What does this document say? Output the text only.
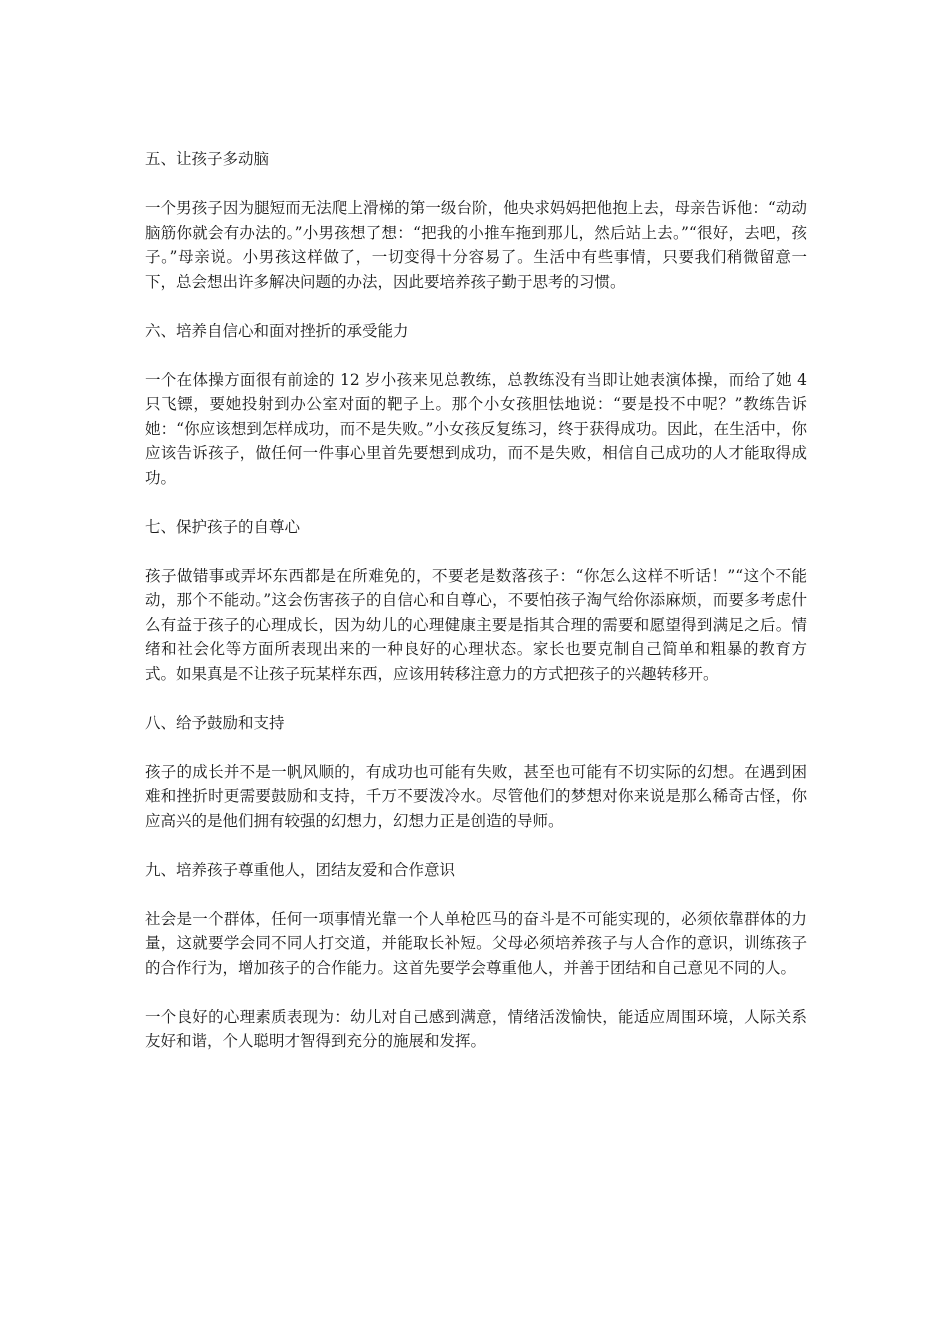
五、让孩子多动脑

一个男孩子因为腿短而无法爬上滑梯的第一级台阶，他央求妈妈把他抱上去，母亲告诉他：“动动脑筋你就会有办法的。”小男孩想了想：“把我的小推车拖到那儿，然后站上去。”“很好，去吧，孩子。”母亲说。小男孩这样做了，一切变得十分容易了。生活中有些事情，只要我们稍微留意一下，总会想出许多解决问题的办法，因此要培养孩子勤于思考的习惯。

六、培养自信心和面对挫折的承受能力

一个在体操方面很有前途的 12 岁小孩来见总教练，总教练没有当即让她表演体操，而给了她 4 只飞镖，要她投射到办公室对面的靶子上。那个小女孩胆怯地说：“要是投不中呢？”教练告诉她：“你应该想到怎样成功，而不是失败。”小女孩反复练习，终于获得成功。因此，在生活中，你应该告诉孩子，做任何一件事心里首先要想到成功，而不是失败，相信自己成功的人才能取得成功。

七、保护孩子的自尊心

孩子做错事或弄坏东西都是在所难免的，不要老是数落孩子：“你怎么这样不听话！”“这个不能动，那个不能动。”这会伤害孩子的自信心和自尊心，不要怕孩子淘气给你添麻烦，而要多考虑什么有益于孩子的心理成长，因为幼儿的心理健康主要是指其合理的需要和愿望得到满足之后。情绪和社会化等方面所表现出来的一种良好的心理状态。家长也要克制自己简单和粗暴的教育方式。如果真是不让孩子玩某样东西，应该用转移注意力的方式把孩子的兴趣转移开。

八、给予鼓励和支持

孩子的成长并不是一帆风顺的，有成功也可能有失败，甚至也可能有不切实际的幻想。在遇到困难和挫折时更需要鼓励和支持，千万不要泼冷水。尽管他们的梦想对你来说是那么稀奇古怪，你应高兴的是他们拥有较强的幻想力，幻想力正是创造的导师。

九、培养孩子尊重他人，团结友爱和合作意识

社会是一个群体，任何一项事情光靠一个人单枪匹马的奋斗是不可能实现的，必须依靠群体的力量，这就要学会同不同人打交道，并能取长补短。父母必须培养孩子与人合作的意识，训练孩子的合作行为，增加孩子的合作能力。这首先要学会尊重他人，并善于团结和自己意见不同的人。

一个良好的心理素质表现为：幼儿对自己感到满意，情绪活泼愉快，能适应周围环境，人际关系友好和谐，个人聪明才智得到充分的施展和发挥。
